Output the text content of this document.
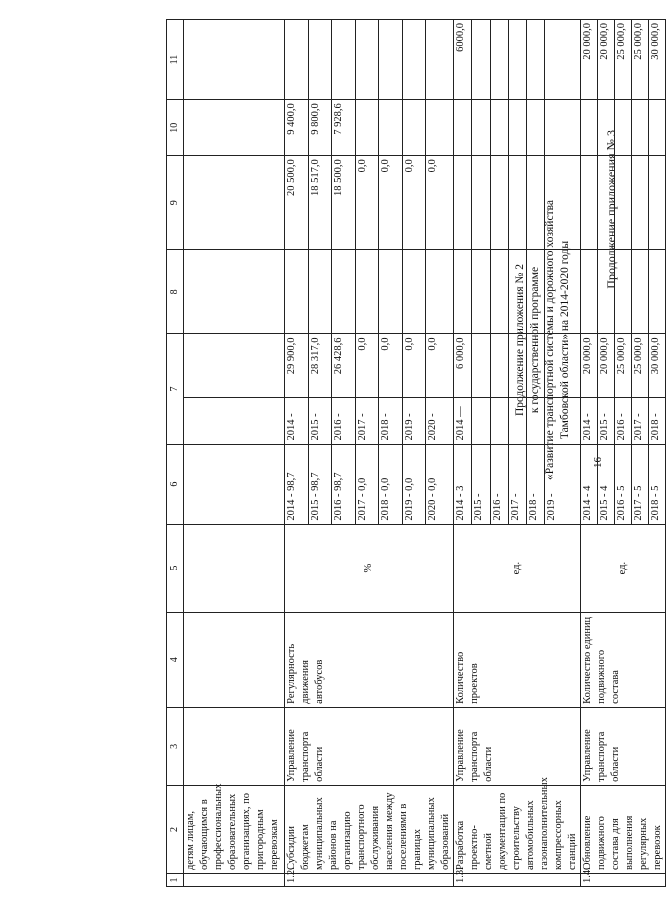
16
Продолжение приложения № 3
Продолжение приложения № 2 к государственной программе «Развитие транспортной системы и дорожного хозяйства Тамбовской области» на 2014-2020 годы
1	2	3	4	5	6	7		8	9	10	11
	детям лицам, обучающимся в профессиональных образовательных организациях, по пригородным перевозкам										
1.2.	Субсидии бюджетам муниципальных районов на организацию транспортного обслуживания населения между поселениями в границах муниципальных образований	Управление транспорта области	Регулярность движения автобусов	%	2014 - 98,7	2014 -	29 900,0		20 500,0	9 400,0	
					2015 - 98,7	2015 -	28 317,0		18 517,0	9 800,0	
					2016 - 98,7	2016 -	26 428,6		18 500,0	7 928,6	
					2017 - 0,0	2017 -	0,0		0,0		
					2018 - 0,0	2018 -	0,0		0,0		
					2019 - 0,0	2019 -	0,0		0,0		
					2020 - 0,0	2020 -	0,0		0,0		
1.3.	Разработка проектно-сметной документации по строительству автомобильных газонаполнительных компрессорных станций	Управление транспорта области	Количество проектов	ед.	2014 - 3	2014 —	6 000,0				6000,0
					2015 -						
					2016 -						
					2017 -						
					2018 -						
					2019 -						
1.4.	Обновление подвижного состава для выполнения регулярных перевозок	Управление транспорта области	Количество единиц подвижного состава	ед.	2014 - 4	2014 -	20 000,0				20 000,0
					2015 - 4	2015 -	20 000,0				20 000,0
					2016 - 5	2016 -	25 000,0				25 000,0
					2017 - 5	2017 -	25 000,0				25 000,0
					2018 - 5	2018 -	30 000,0				30 000,0
